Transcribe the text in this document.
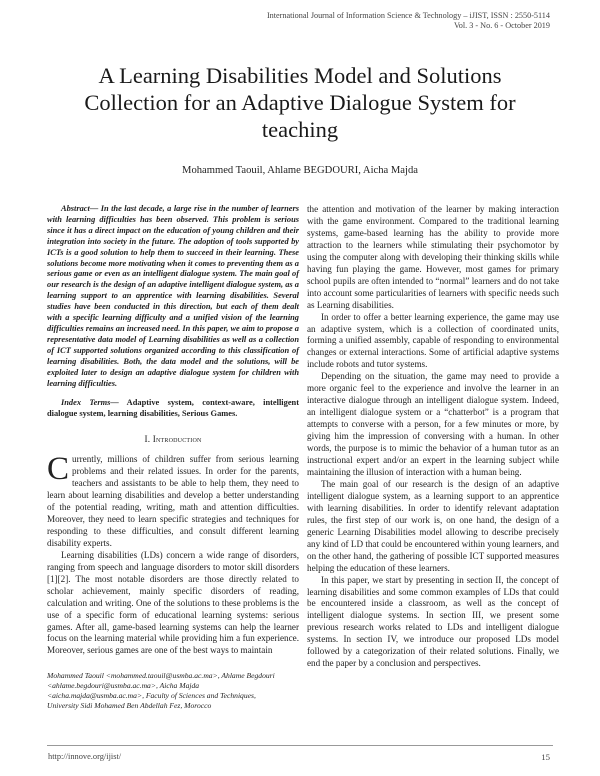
International Journal of Information Science & Technology – iJIST, ISSN : 2550-5114
Vol. 3 - No. 6 - October 2019
A Learning Disabilities Model and Solutions Collection for an Adaptive Dialogue System for teaching
Mohammed Taouil, Ahlame BEGDOURI, Aicha Majda

Abstract— In the last decade, a large rise in the number of learners with learning difficulties has been observed. This problem is serious since it has a direct impact on the education of young children and their integration into society in the future. The adoption of tools supported by ICTs is a good solution to help them to succeed in their learning. These solutions become more motivating when it comes to preventing them as a serious game or even as an intelligent dialogue system. The main goal of our research is the design of an adaptive intelligent dialogue system, as a learning support to an apprentice with learning disabilities. Several studies have been conducted in this direction, but each of them dealt with a specific learning difficulty and a unified vision of the learning difficulties remains an increased need. In this paper, we aim to propose a representative data model of Learning disabilities as well as a collection of ICT supported solutions organized according to this classification of learning disabilities. Both, the data model and the solutions, will be exploited later to design an adaptive dialogue system for children with learning difficulties.

Index Terms— Adaptive system, context-aware, intelligent dialogue system, learning disabilities, Serious Games.

I. Introduction

Currently, millions of children suffer from serious learning problems and their related issues. In order for the parents, teachers and assistants to be able to help them, they need to learn about learning disabilities and develop a better understanding of the potential reading, writing, math and attention difficulties. Moreover, they need to learn specific strategies and techniques for responding to these difficulties, and consult different learning disability experts.

Learning disabilities (LDs) concern a wide range of disorders, ranging from speech and language disorders to motor skill disorders [1][2]. The most notable disorders are those directly related to scholar achievement, mainly specific disorders of reading, calculation and writing. One of the solutions to these problems is the use of a specific form of educational learning systems: serious games. After all, game-based learning systems can help the learner focus on the learning material while providing him a fun experience. Moreover, serious games are one of the best ways to maintain

Mohammed Taouil <mohammed.taouil@usmba.ac.ma>, Ahlame Begdouri
<ahlame.begdouri@usmba.ac.ma>, Aicha Majda
<aicha.majda@usmba.ac.ma>, Faculty of Sciences and Techniques,
University Sidi Mohamed Ben Abdellah Fez, Morocco

the attention and motivation of the learner by making interaction with the game environment. Compared to the traditional learning systems, game-based learning has the ability to provide more attraction to the learners while stimulating their psychomotor by using the computer along with developing their thinking skills while having fun playing the game. However, most games for primary school pupils are often intended to “normal” learners and do not take into account some particularities of learners with specific needs such as Learning disabilities.

In order to offer a better learning experience, the game may use an adaptive system, which is a collection of coordinated units, forming a unified assembly, capable of responding to environmental changes or external interactions. Some of artificial adaptive systems include robots and tutor systems.

Depending on the situation, the game may need to provide a more organic feel to the experience and involve the learner in an interactive dialogue through an intelligent dialogue system. Indeed, an intelligent dialogue system or a “chatterbot” is a program that attempts to converse with a person, for a few minutes or more, by giving him the impression of conversing with a human. In other words, the purpose is to mimic the behavior of a human tutor as an instructional expert and/or an expert in the learning subject while maintaining the illusion of interaction with a human being.

The main goal of our research is the design of an adaptive intelligent dialogue system, as a learning support to an apprentice with learning disabilities. In order to identify relevant adaptation rules, the first step of our work is, on one hand, the design of a generic Learning Disabilities model allowing to describe precisely any kind of LD that could be encountered within young learners, and on the other hand, the gathering of possible ICT supported measures helping the education of these learners.

In this paper, we start by presenting in section II, the concept of learning disabilities and some common examples of LDs that could be encountered inside a classroom, as well as the concept of intelligent dialogue systems. In section III, we present some previous research works related to LDs and intelligent dialogue systems. In section IV, we introduce our proposed LDs model followed by a categorization of their related solutions. Finally, we end the paper by a conclusion and perspectives.

http://innove.org/ijist/	15
